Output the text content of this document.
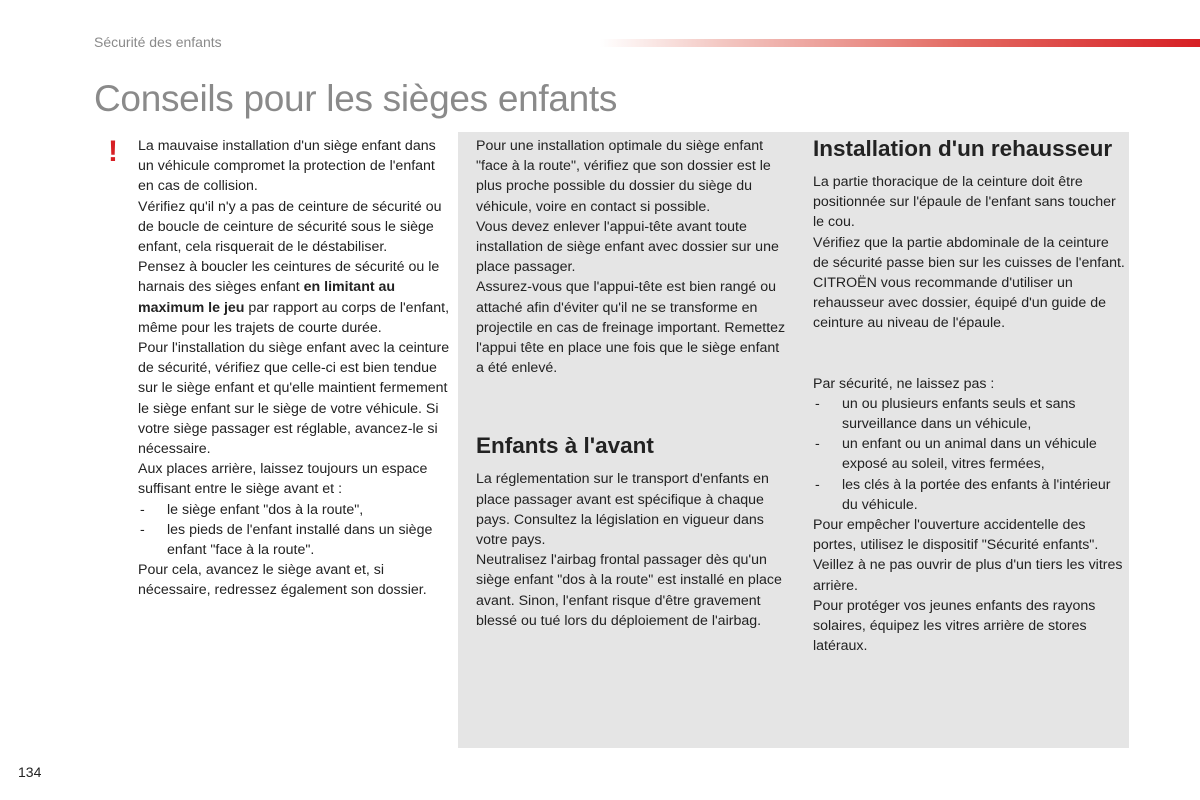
Sécurité des enfants
Conseils pour les sièges enfants
! La mauvaise installation d'un siège enfant dans un véhicule compromet la protection de l'enfant en cas de collision.

Vérifiez qu'il n'y a pas de ceinture de sécurité ou de boucle de ceinture de sécurité sous le siège enfant, cela risquerait de le déstabiliser.

Pensez à boucler les ceintures de sécurité ou le harnais des sièges enfant en limitant au maximum le jeu par rapport au corps de l'enfant, même pour les trajets de courte durée.

Pour l'installation du siège enfant avec la ceinture de sécurité, vérifiez que celle-ci est bien tendue sur le siège enfant et qu'elle maintient fermement le siège enfant sur le siège de votre véhicule. Si votre siège passager est réglable, avancez-le si nécessaire.

Aux places arrière, laissez toujours un espace suffisant entre le siège avant et :

- le siège enfant "dos à la route",

- les pieds de l'enfant installé dans un siège enfant "face à la route".

Pour cela, avancez le siège avant et, si nécessaire, redressez également son dossier.

Pour une installation optimale du siège enfant "face à la route", vérifiez que son dossier est le plus proche possible du dossier du siège du véhicule, voire en contact si possible.

Vous devez enlever l'appui-tête avant toute installation de siège enfant avec dossier sur une place passager.

Assurez-vous que l'appui-tête est bien rangé ou attaché afin d'éviter qu'il ne se transforme en projectile en cas de freinage important. Remettez l'appui tête en place une fois que le siège enfant a été enlevé.

Enfants à l'avant

La réglementation sur le transport d'enfants en place passager avant est spécifique à chaque pays. Consultez la législation en vigueur dans votre pays.

Neutralisez l'airbag frontal passager dès qu'un siège enfant "dos à la route" est installé en place avant. Sinon, l'enfant risque d'être gravement blessé ou tué lors du déploiement de l'airbag.

Installation d'un rehausseur

La partie thoracique de la ceinture doit être positionnée sur l'épaule de l'enfant sans toucher le cou.

Vérifiez que la partie abdominale de la ceinture de sécurité passe bien sur les cuisses de l'enfant.

CITROËN vous recommande d'utiliser un rehausseur avec dossier, équipé d'un guide de ceinture au niveau de l'épaule.

Par sécurité, ne laissez pas :

- un ou plusieurs enfants seuls et sans surveillance dans un véhicule,

- un enfant ou un animal dans un véhicule exposé au soleil, vitres fermées,

- les clés à la portée des enfants à l'intérieur du véhicule.

Pour empêcher l'ouverture accidentelle des portes, utilisez le dispositif "Sécurité enfants".

Veillez à ne pas ouvrir de plus d'un tiers les vitres arrière.

Pour protéger vos jeunes enfants des rayons solaires, équipez les vitres arrière de stores latéraux.

134
